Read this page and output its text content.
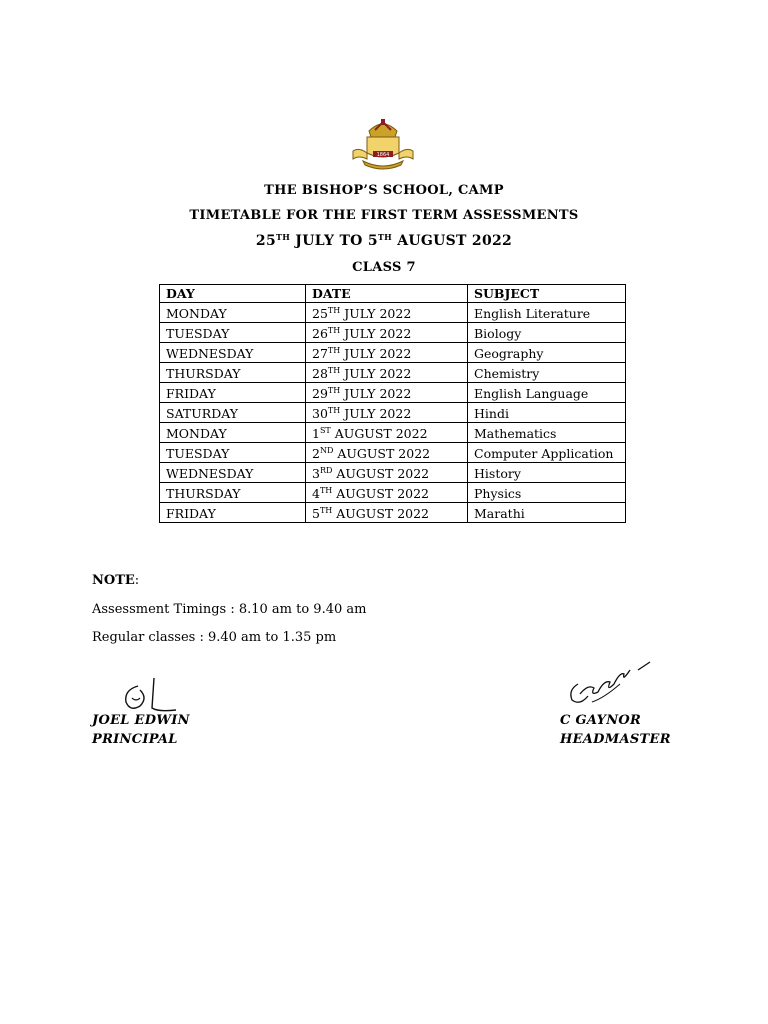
1864
THE BISHOP’S SCHOOL, CAMP
TIMETABLE FOR THE FIRST TERM ASSESSMENTS
25TH JULY TO 5TH AUGUST 2022
CLASS 7
DAY	DATE	SUBJECT
MONDAY	25TH JULY 2022	English Literature
TUESDAY	26TH JULY 2022	Biology
WEDNESDAY	27TH JULY 2022	Geography
THURSDAY	28TH JULY 2022	Chemistry
FRIDAY	29TH JULY 2022	English Language
SATURDAY	30TH JULY 2022	Hindi
MONDAY	1ST AUGUST 2022	Mathematics
TUESDAY	2ND AUGUST 2022	Computer Application
WEDNESDAY	3RD AUGUST 2022	History
THURSDAY	4TH AUGUST 2022	Physics
FRIDAY	5TH AUGUST 2022	Marathi
NOTE:
Assessment Timings : 8.10 am to 9.40 am
Regular classes : 9.40 am to 1.35 pm
JOEL EDWIN
PRINCIPAL
C GAYNOR
HEADMASTER
